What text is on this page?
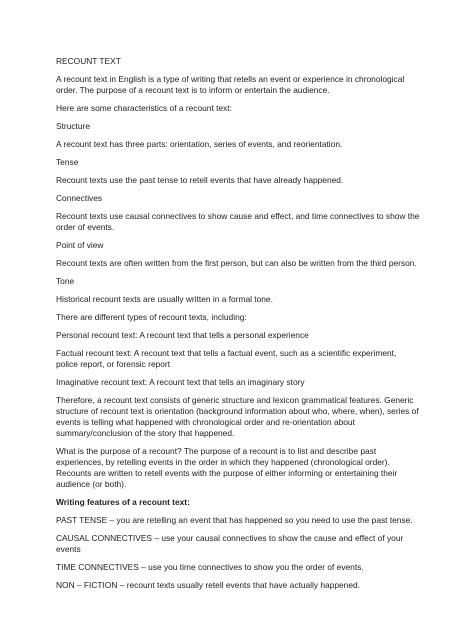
RECOUNT TEXT

A recount text in English is a type of writing that retells an event or experience in chronological order. The purpose of a recount text is to inform or entertain the audience.

Here are some characteristics of a recount text:

Structure

A recount text has three parts: orientation, series of events, and reorientation.

Tense

Recount texts use the past tense to retell events that have already happened.

Connectives

Recount texts use causal connectives to show cause and effect, and time connectives to show the order of events.

Point of view

Recount texts are often written from the first person, but can also be written from the third person.

Tone

Historical recount texts are usually written in a formal tone.

There are different types of recount texts, including:

Personal recount text: A recount text that tells a personal experience

Factual recount text: A recount text that tells a factual event, such as a scientific experiment, police report, or forensic report

Imaginative recount text: A recount text that tells an imaginary story

Therefore, a recount text consists of generic structure and lexicon grammatical features. Generic structure of recount text is orientation (background information about who, where, when), series of events is telling what happened with chronological order and re-orientation about summary/conclusion of the story that happened.

What is the purpose of a recount? The purpose of a recount is to list and describe past experiences, by retelling events in the order in which they happened (chronological order). Recounts are written to retell events with the purpose of either informing or entertaining their audience (or both).

Writing features of a recount text:

PAST TENSE – you are retelling an event that has happened so you need to use the past tense.

CAUSAL CONNECTIVES – use your causal connectives to show the cause and effect of your events

TIME CONNECTIVES – use you time connectives to show you the order of events.

NON – FICTION – recount texts usually retell events that have actually happened.
